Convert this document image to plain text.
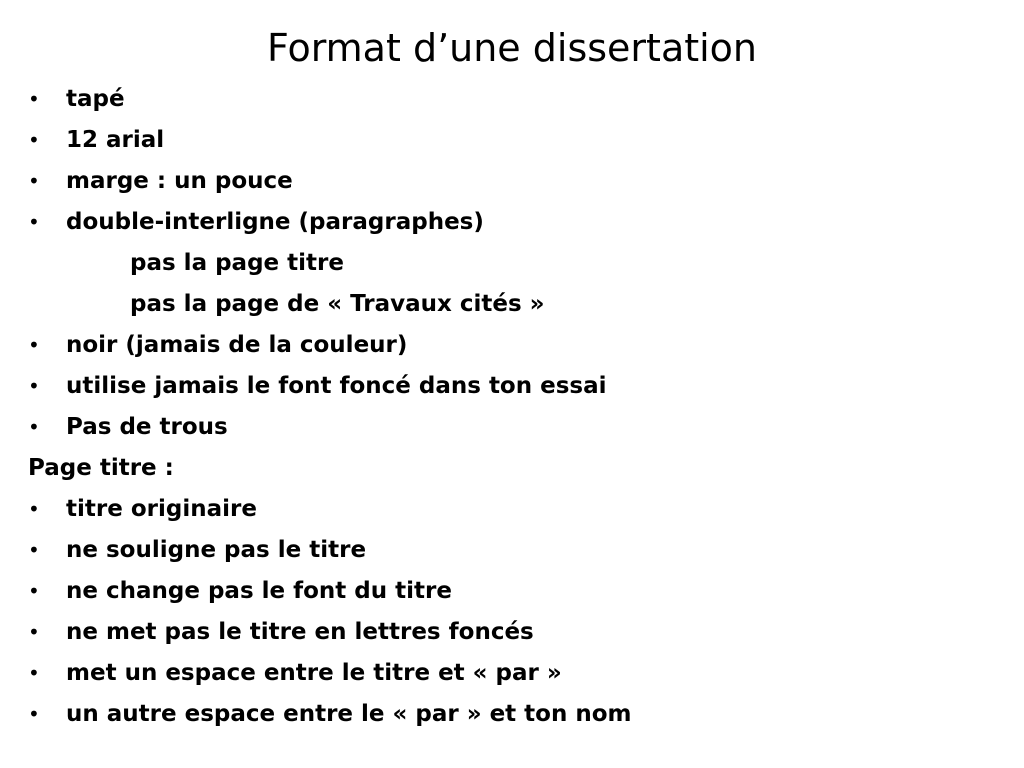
Format d’une dissertation
•	tapé
•	12 arial
•	marge : un pouce
•	double-interligne (paragraphes)
pas la page titre
pas la page de « Travaux cités »
•	noir (jamais de la couleur)
•	utilise jamais le font foncé dans ton essai
•	Pas de trous
Page titre :
•	titre originaire
•	ne souligne pas le titre
•	ne change pas le font du titre
•	ne met pas le titre en lettres foncés
•	met un espace entre le titre et « par »
•	un autre espace entre le « par » et ton nom
